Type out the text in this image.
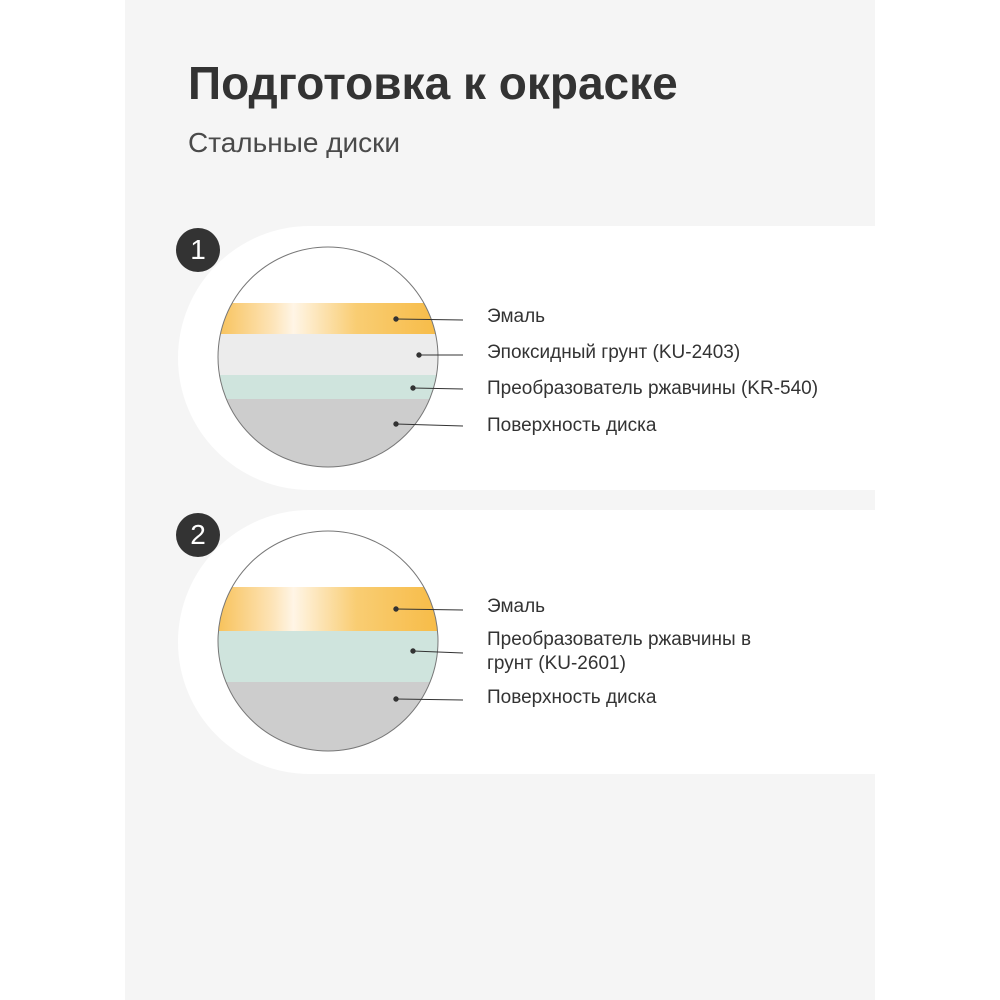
Подготовка к окраске
Стальные диски
1
2
Эмаль
Эпоксидный грунт (KU-2403)
Преобразователь ржавчины (KR-540)
Поверхность диска
Эмаль
Преобразователь ржавчины в грунт (KU-2601)
Поверхность диска
